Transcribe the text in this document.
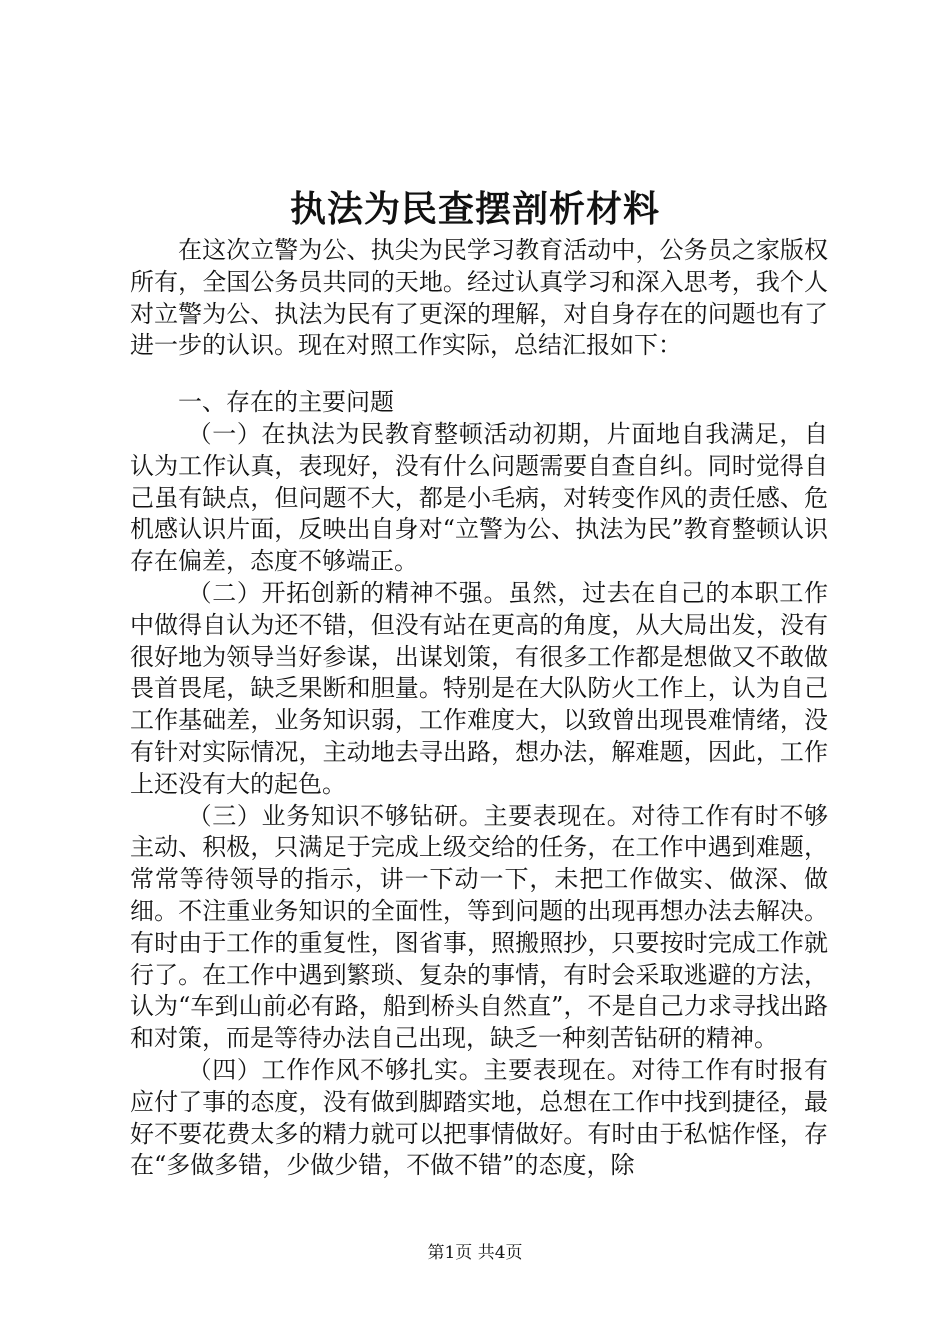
执法为民查摆剖析材料

在这次立警为公、执尖为民学习教育活动中，公务员之家版权所有，全国公务员共同的天地。经过认真学习和深入思考，我个人对立警为公、执法为民有了更深的理解，对自身存在的问题也有了进一步的认识。现在对照工作实际，总结汇报如下：

一、存在的主要问题

（一）在执法为民教育整顿活动初期，片面地自我满足，自认为工作认真，表现好，没有什么问题需要自查自纠。同时觉得自己虽有缺点，但问题不大，都是小毛病，对转变作风的责任感、危机感认识片面，反映出自身对“立警为公、执法为民”教育整顿认识存在偏差，态度不够端正。

（二）开拓创新的精神不强。虽然，过去在自己的本职工作中做得自认为还不错，但没有站在更高的角度，从大局出发，没有很好地为领导当好参谋，出谋划策，有很多工作都是想做又不敢做畏首畏尾，缺乏果断和胆量。特别是在大队防火工作上，认为自己工作基础差，业务知识弱，工作难度大，以致曾出现畏难情绪，没有针对实际情况，主动地去寻出路，想办法，解难题，因此，工作上还没有大的起色。

（三）业务知识不够钻研。主要表现在。对待工作有时不够主动、积极，只满足于完成上级交给的任务，在工作中遇到难题，常常等待领导的指示，讲一下动一下，未把工作做实、做深、做细。不注重业务知识的全面性，等到问题的出现再想办法去解决。有时由于工作的重复性，图省事，照搬照抄，只要按时完成工作就行了。在工作中遇到繁琐、复杂的事情，有时会采取逃避的方法，认为“车到山前必有路，船到桥头自然直”，不是自己力求寻找出路和对策，而是等待办法自己出现，缺乏一种刻苦钻研的精神。

（四）工作作风不够扎实。主要表现在。对待工作有时报有应付了事的态度，没有做到脚踏实地，总想在工作中找到捷径，最好不要花费太多的精力就可以把事情做好。有时由于私惦作怪，存在“多做多错，少做少错，不做不错”的态度，除

第1页 共4页
